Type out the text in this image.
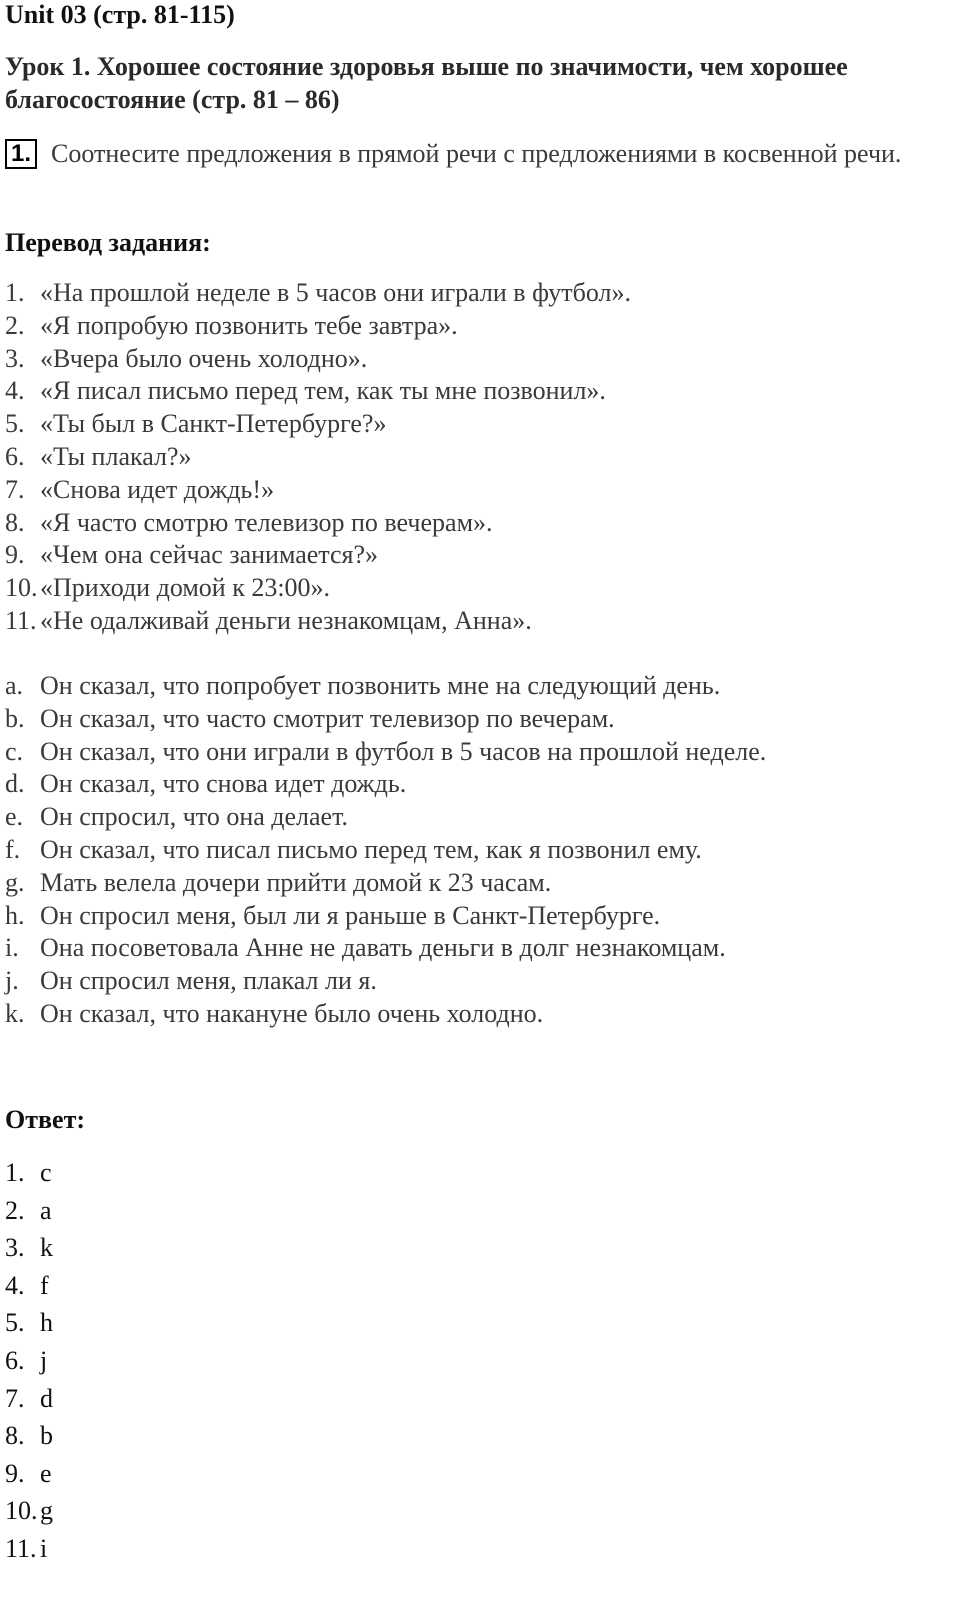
Unit 03 (стр. 81-115)
Урок 1. Хорошее состояние здоровья выше по значимости, чем хорошее благосостояние (стр. 81 – 86)
1. Соотнесите предложения в прямой речи с предложениями в косвенной речи.
Перевод задания:
1. «На прошлой неделе в 5 часов они играли в футбол».
2. «Я попробую позвонить тебе завтра».
3. «Вчера было очень холодно».
4. «Я писал письмо перед тем, как ты мне позвонил».
5. «Ты был в Санкт-Петербурге?»
6. «Ты плакал?»
7. «Снова идет дождь!»
8. «Я часто смотрю телевизор по вечерам».
9. «Чем она сейчас занимается?»
10. «Приходи домой к 23:00».
11. «Не одалживай деньги незнакомцам, Анна».
a. Он сказал, что попробует позвонить мне на следующий день.
b. Он сказал, что часто смотрит телевизор по вечерам.
c. Он сказал, что они играли в футбол в 5 часов на прошлой неделе.
d. Он сказал, что снова идет дождь.
e. Он спросил, что она делает.
f. Он сказал, что писал письмо перед тем, как я позвонил ему.
g. Мать велела дочери прийти домой к 23 часам.
h. Он спросил меня, был ли я раньше в Санкт-Петербурге.
i. Она посоветовала Анне не давать деньги в долг незнакомцам.
j. Он спросил меня, плакал ли я.
k. Он сказал, что накануне было очень холодно.
Ответ:
1. c
2. a
3. k
4. f
5. h
6. j
7. d
8. b
9. e
10. g
11. i
